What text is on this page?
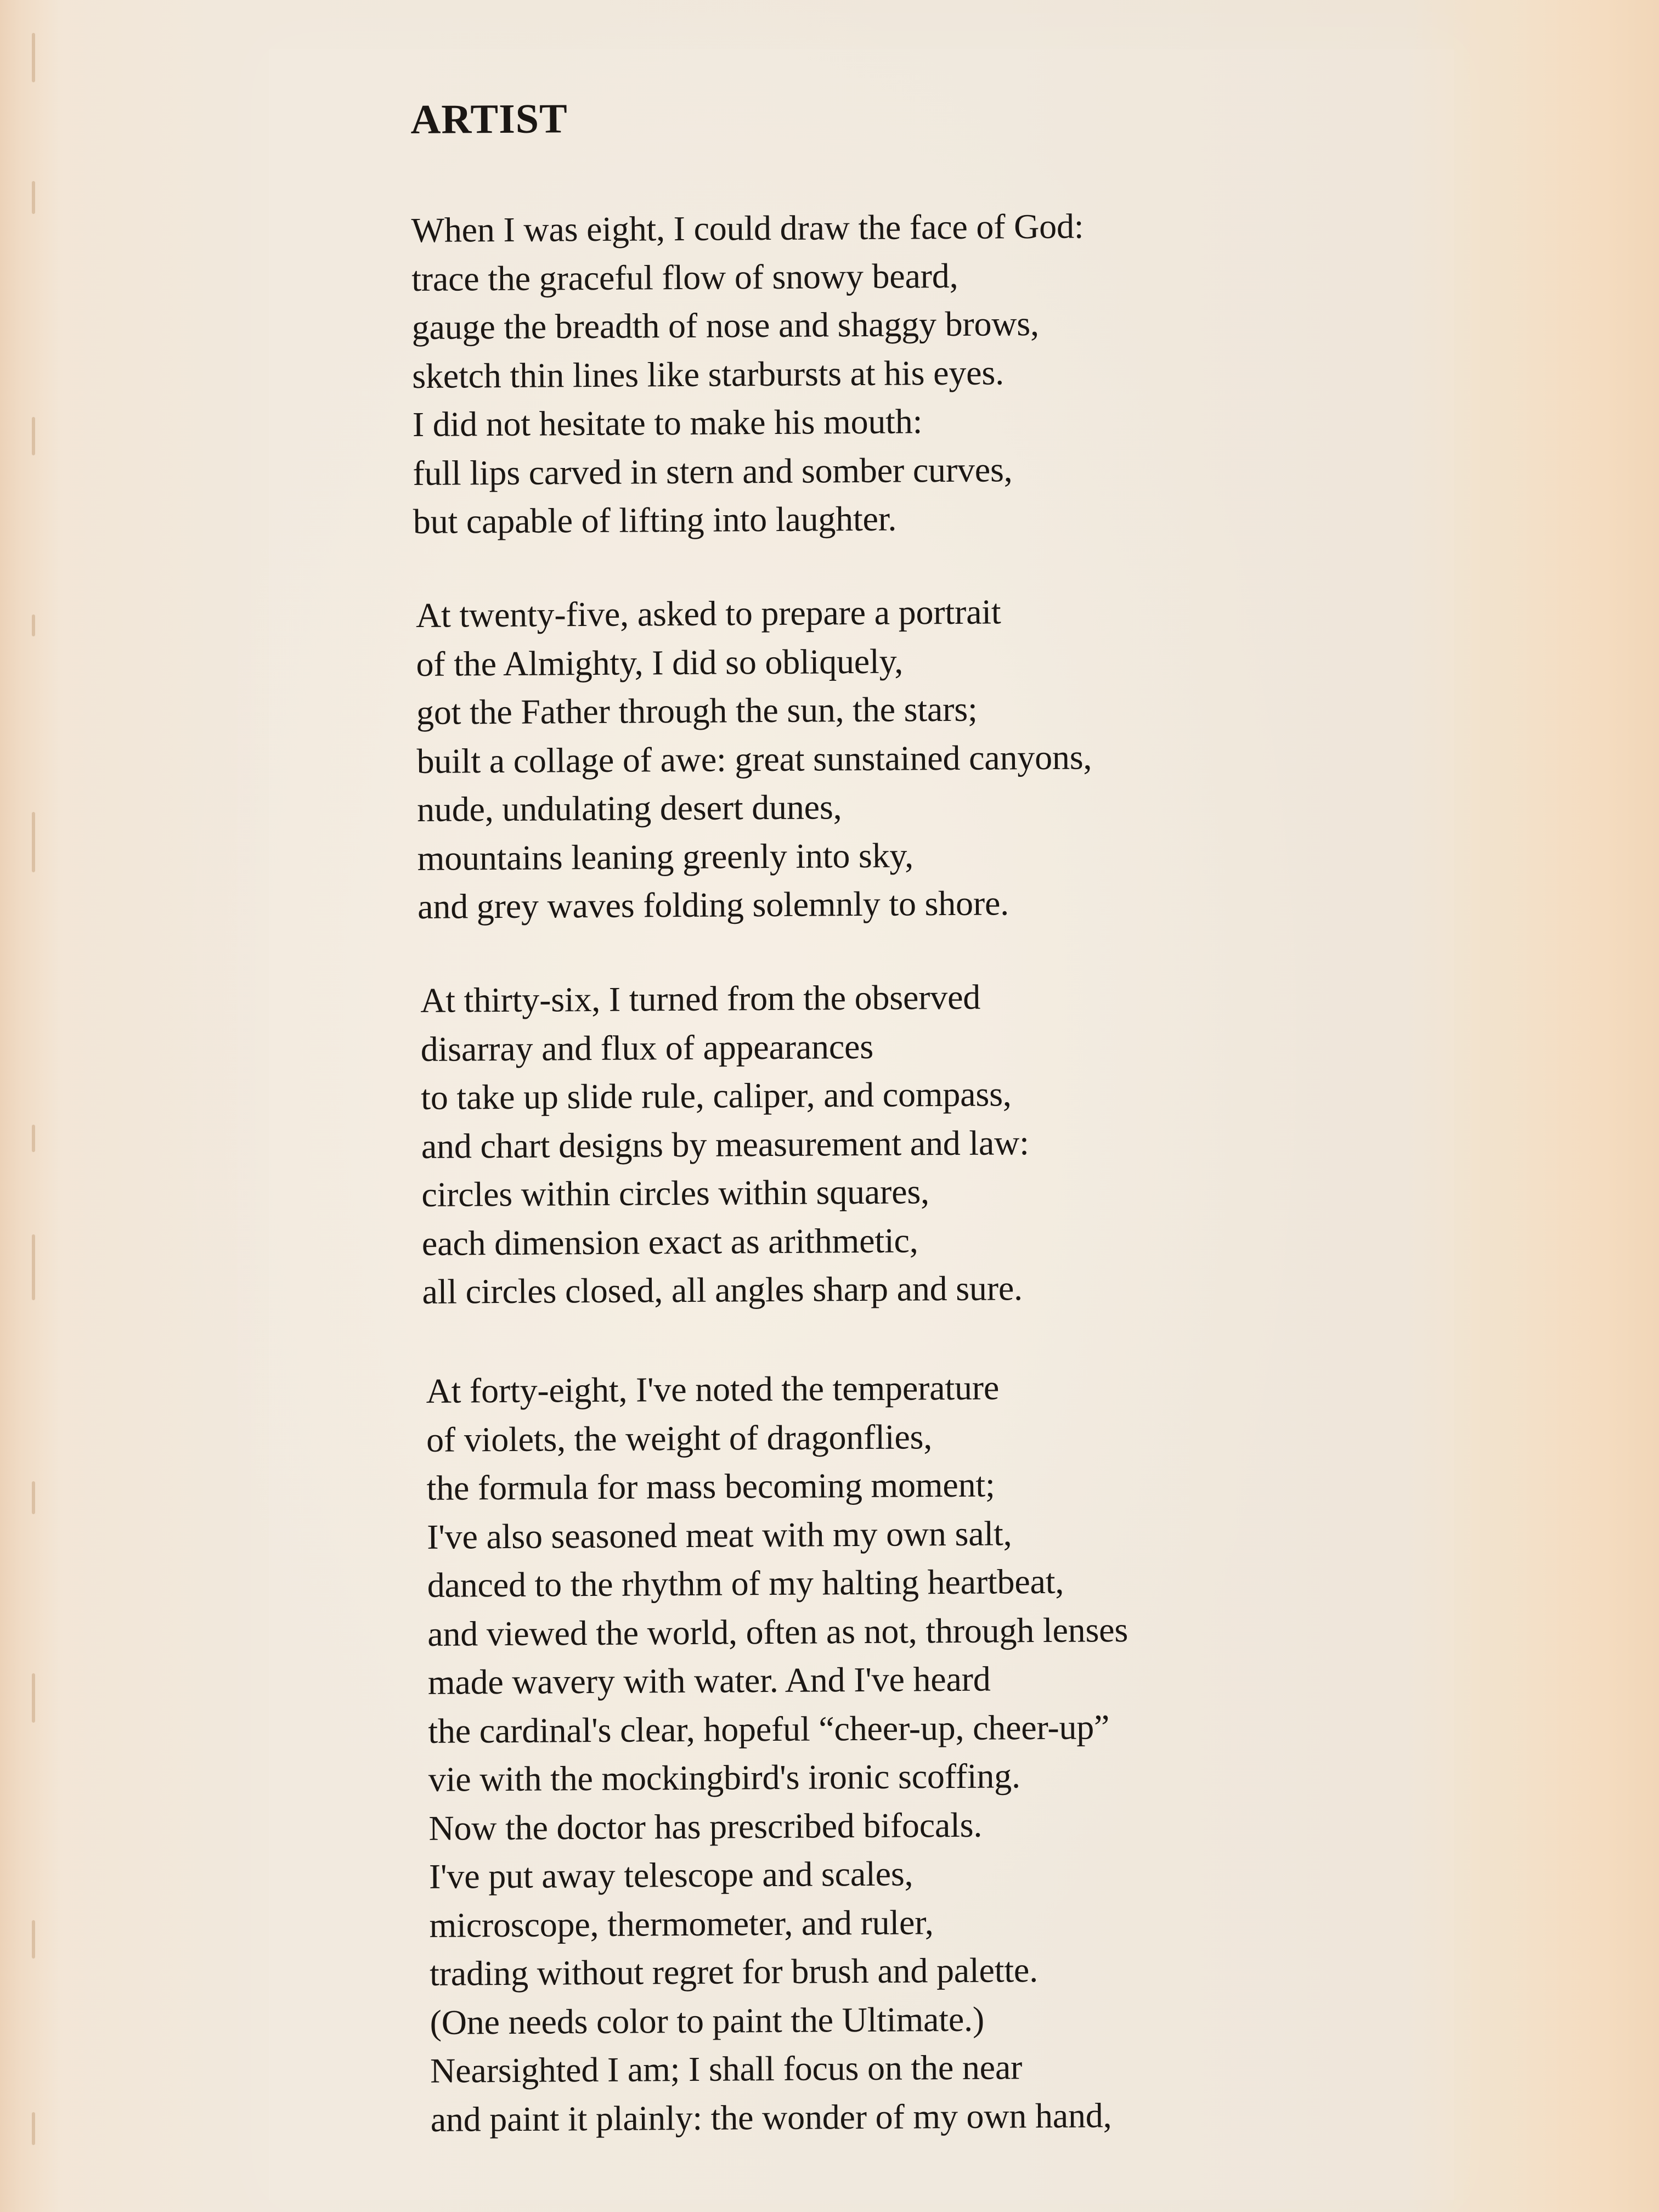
ARTIST
When I was eight, I could draw the face of God:
trace the graceful flow of snowy beard,
gauge the breadth of nose and shaggy brows,
sketch thin lines like starbursts at his eyes.
I did not hesitate to make his mouth:
full lips carved in stern and somber curves,
but capable of lifting into laughter.
At twenty-five, asked to prepare a portrait
of the Almighty, I did so obliquely,
got the Father through the sun, the stars;
built a collage of awe: great sunstained canyons,
nude, undulating desert dunes,
mountains leaning greenly into sky,
and grey waves folding solemnly to shore.
At thirty-six, I turned from the observed
disarray and flux of appearances
to take up slide rule, caliper, and compass,
and chart designs by measurement and law:
circles within circles within squares,
each dimension exact as arithmetic,
all circles closed, all angles sharp and sure.
At forty-eight, I've noted the temperature
of violets, the weight of dragonflies,
the formula for mass becoming moment;
I've also seasoned meat with my own salt,
danced to the rhythm of my halting heartbeat,
and viewed the world, often as not, through lenses
made wavery with water. And I've heard
the cardinal's clear, hopeful “cheer-up, cheer-up”
vie with the mockingbird's ironic scoffing.
Now the doctor has prescribed bifocals.
I've put away telescope and scales,
microscope, thermometer, and ruler,
trading without regret for brush and palette.
(One needs color to paint the Ultimate.)
Nearsighted I am; I shall focus on the near
and paint it plainly: the wonder of my own hand,
